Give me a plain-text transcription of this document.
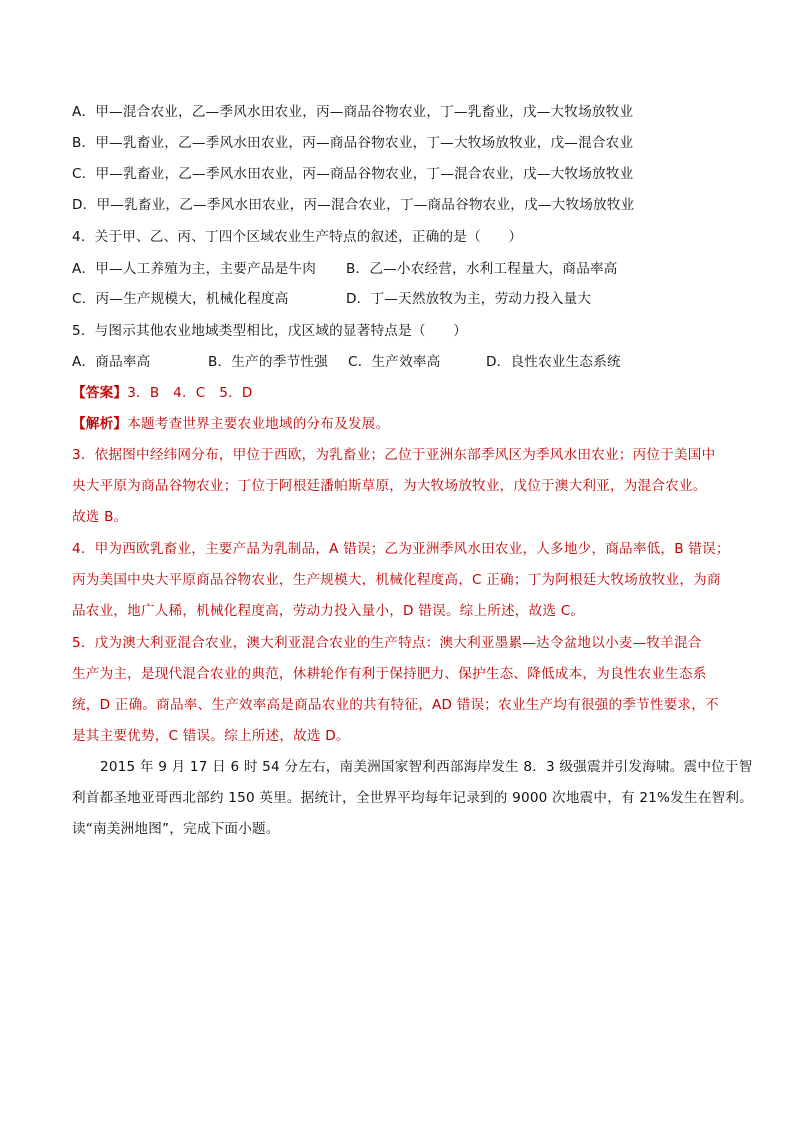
A．甲—混合农业，乙—季风水田农业，丙—商品谷物农业，丁—乳畜业，戊—大牧场放牧业
B．甲—乳畜业，乙—季风水田农业，丙—商品谷物农业，丁—大牧场放牧业，戊—混合农业
C．甲—乳畜业，乙—季风水田农业，丙—商品谷物农业，丁—混合农业，戊—大牧场放牧业
D．甲—乳畜业，乙—季风水田农业，丙—混合农业，丁—商品谷物农业，戊—大牧场放牧业
4．关于甲、乙、丙、丁四个区域农业生产特点的叙述，正确的是（　　）
A．甲—人工养殖为主，主要产品是牛肉 B．乙—小农经营，水利工程量大，商品率高
C．丙—生产规模大，机械化程度高	D．丁—天然放牧为主，劳动力投入量大
5．与图示其他农业地域类型相比，戊区域的显著特点是（　　）
A．商品率高	B．生产的季节性强 C．生产效率高	D．良性农业生态系统
【答案】3．B　4．C　5．D
【解析】本题考查世界主要农业地域的分布及发展。
3．依据图中经纬网分布，甲位于西欧，为乳畜业；乙位于亚洲东部季风区为季风水田农业；丙位于美国中
央大平原为商品谷物农业；丁位于阿根廷潘帕斯草原，为大牧场放牧业，戊位于澳大利亚，为混合农业。
故选 B。
4．甲为西欧乳畜业，主要产品为乳制品，A 错误；乙为亚洲季风水田农业，人多地少，商品率低，B 错误；
丙为美国中央大平原商品谷物农业，生产规模大，机械化程度高，C 正确；丁为阿根廷大牧场放牧业，为商
品农业，地广人稀，机械化程度高，劳动力投入量小，D 错误。综上所述，故选 C。
5．戊为澳大利亚混合农业，澳大利亚混合农业的生产特点：澳大利亚墨累—达令盆地以小麦—牧羊混合
生产为主，是现代混合农业的典范，休耕轮作有利于保持肥力、保护生态、降低成本，为良性农业生态系
统，D 正确。商品率、生产效率高是商品农业的共有特征，AD 错误；农业生产均有很强的季节性要求，不
是其主要优势，C 错误。综上所述，故选 D。
2015 年 9 月 17 日 6 时 54 分左右，南美洲国家智利西部海岸发生 8．3 级强震并引发海啸。震中位于智
利首都圣地亚哥西北部约 150 英里。据统计，全世界平均每年记录到的 9000 次地震中，有 21%发生在智利。
读“南美洲地图”，完成下面小题。
